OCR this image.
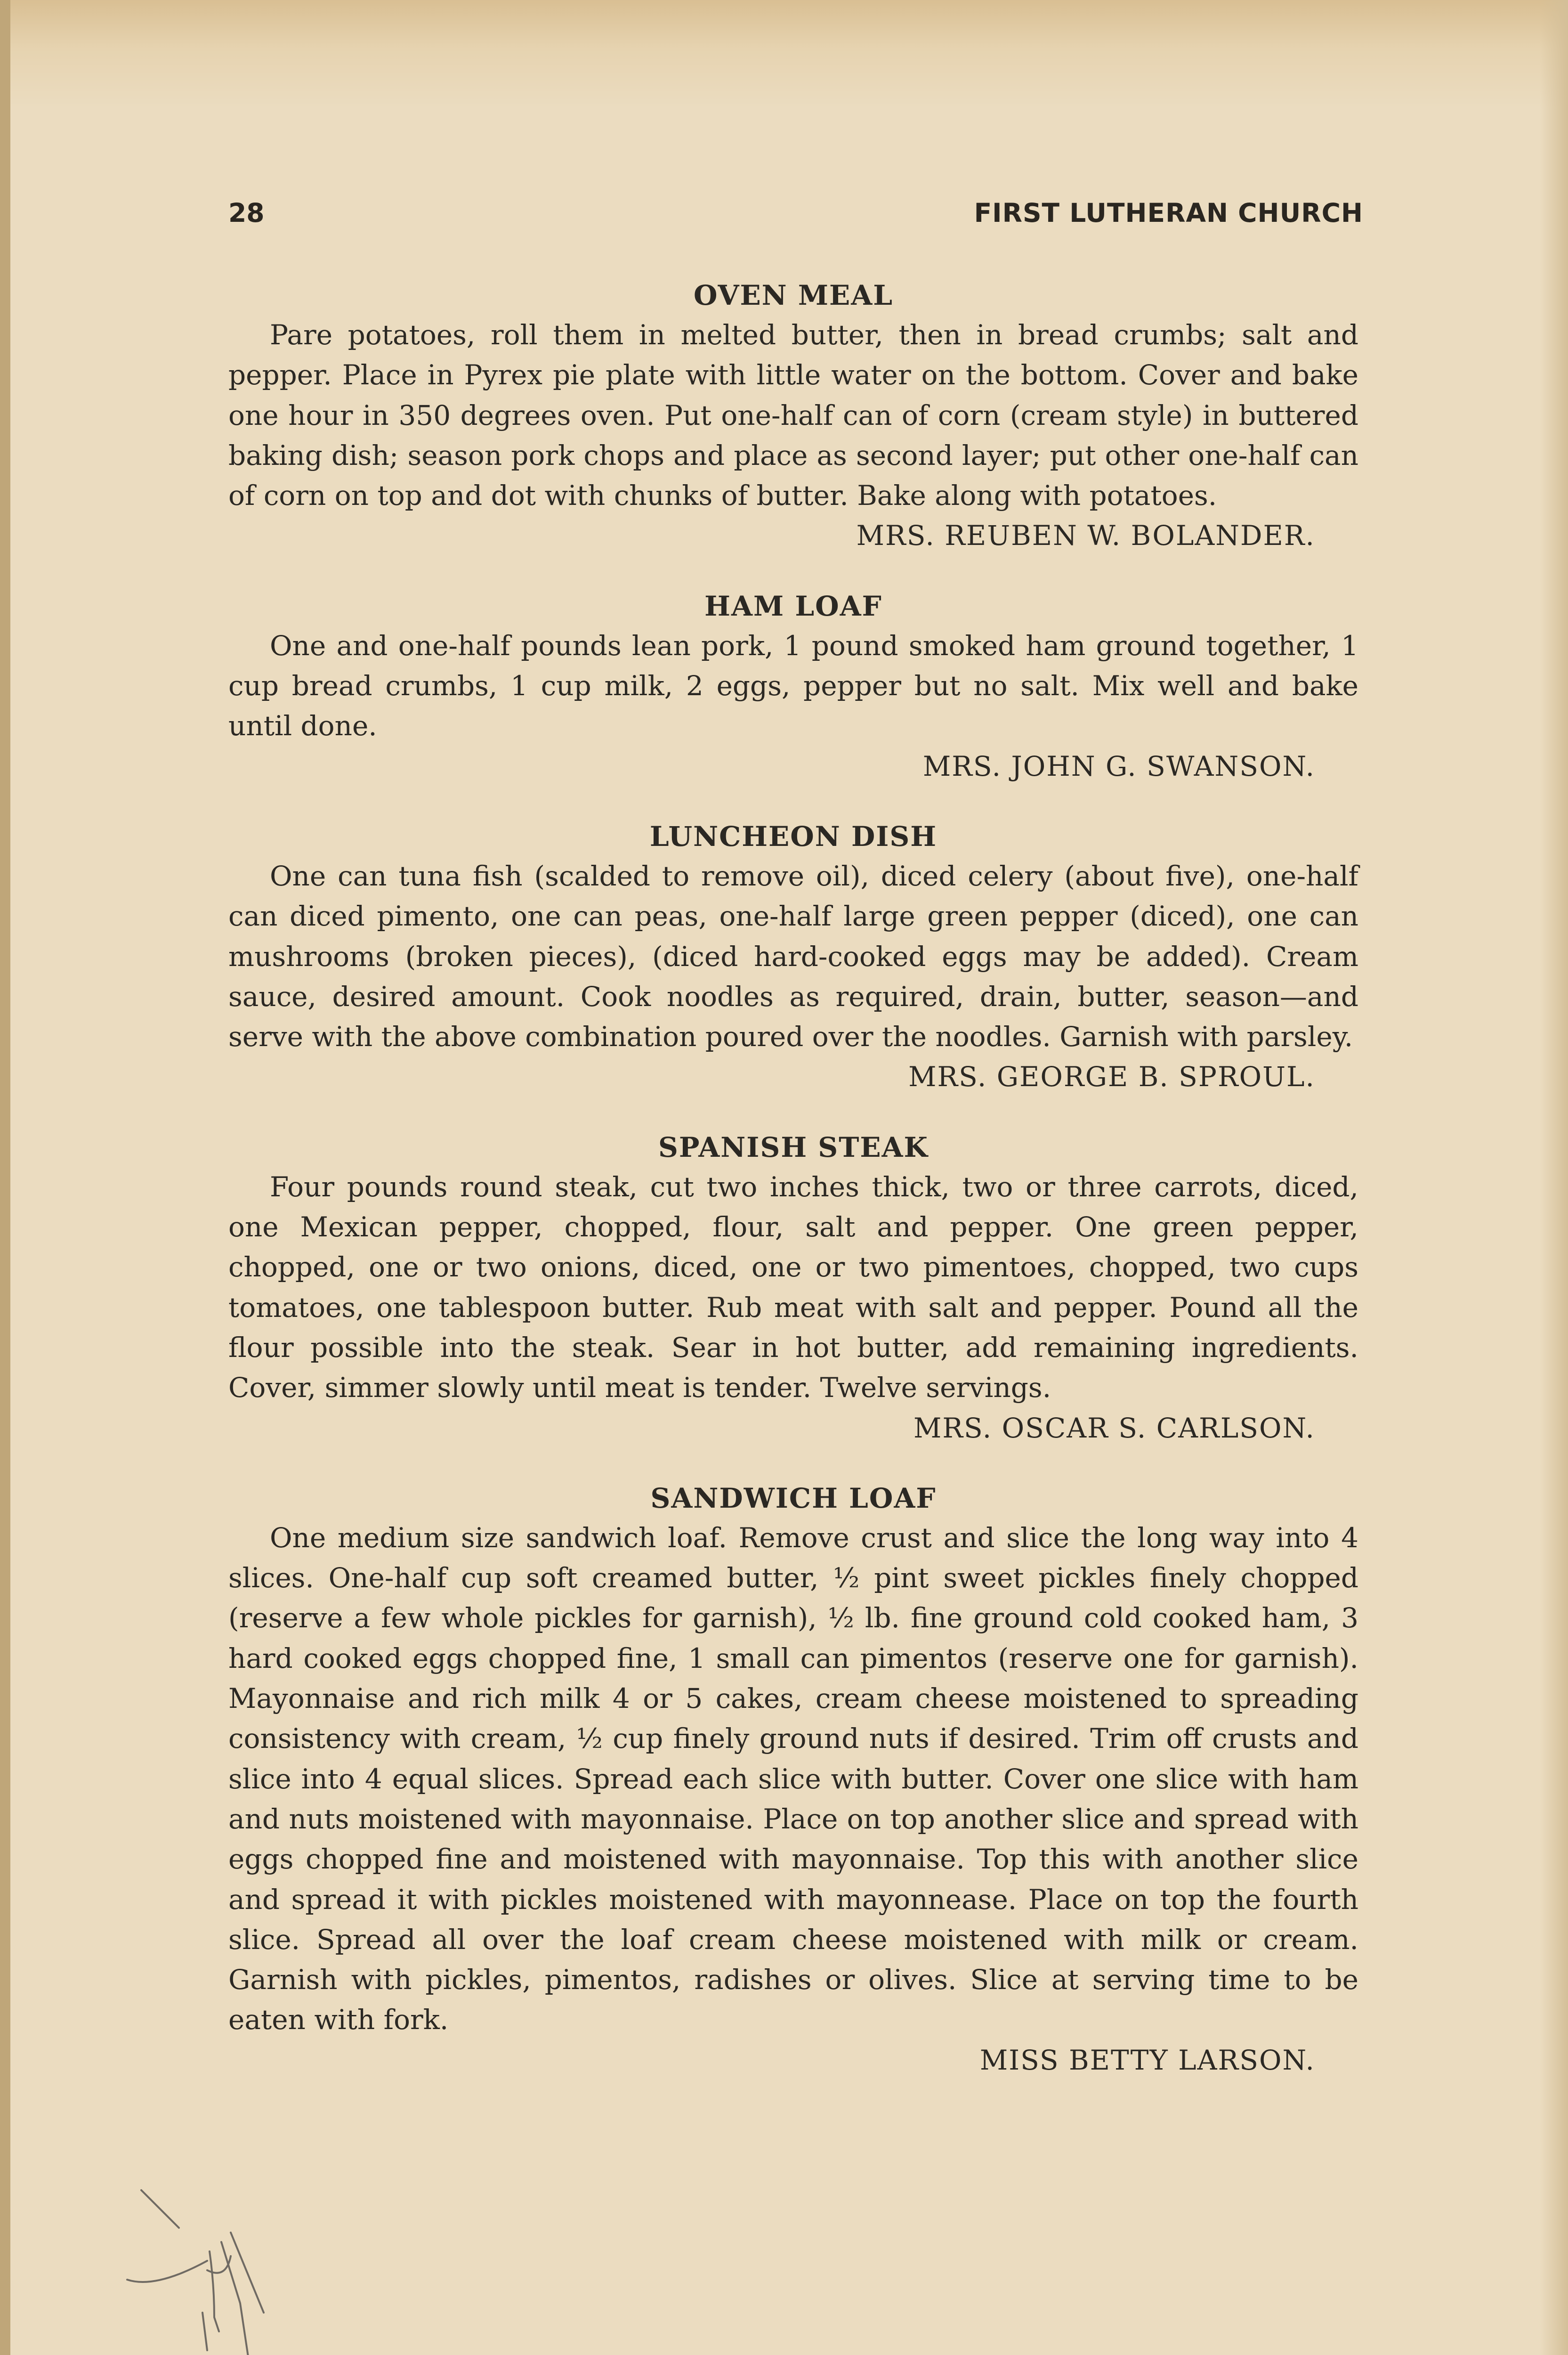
28	FIRST LUTHERAN CHURCH

OVEN MEAL

Pare potatoes, roll them in melted butter, then in bread crumbs; salt and pepper. Place in Pyrex pie plate with little water on the bottom. Cover and bake one hour in 350 degrees oven. Put one-half can of corn (cream style) in buttered baking dish; season pork chops and place as second layer; put other one-half can of corn on top and dot with chunks of butter. Bake along with potatoes.

MRS. REUBEN W. BOLANDER.

HAM LOAF

One and one-half pounds lean pork, 1 pound smoked ham ground together, 1 cup bread crumbs, 1 cup milk, 2 eggs, pepper but no salt. Mix well and bake until done.

MRS. JOHN G. SWANSON.

LUNCHEON DISH

One can tuna fish (scalded to remove oil), diced celery (about five), one-half can diced pimento, one can peas, one-half large green pepper (diced), one can mushrooms (broken pieces), (diced hard-cooked eggs may be added). Cream sauce, desired amount. Cook noodles as required, drain, butter, season—and serve with the above combination poured over the noodles. Garnish with parsley.

MRS. GEORGE B. SPROUL.

SPANISH STEAK

Four pounds round steak, cut two inches thick, two or three carrots, diced, one Mexican pepper, chopped, flour, salt and pepper. One green pepper, chopped, one or two onions, diced, one or two pimentoes, chopped, two cups tomatoes, one tablespoon butter. Rub meat with salt and pepper. Pound all the flour possible into the steak. Sear in hot butter, add remaining ingredients. Cover, simmer slowly until meat is tender. Twelve servings.

MRS. OSCAR S. CARLSON.

SANDWICH LOAF

One medium size sandwich loaf. Remove crust and slice the long way into 4 slices. One-half cup soft creamed butter, ½ pint sweet pickles finely chopped (reserve a few whole pickles for garnish), ½ lb. fine ground cold cooked ham, 3 hard cooked eggs chopped fine, 1 small can pimentos (reserve one for garnish). Mayonnaise and rich milk 4 or 5 cakes, cream cheese moistened to spreading consistency with cream, ½ cup finely ground nuts if desired. Trim off crusts and slice into 4 equal slices. Spread each slice with butter. Cover one slice with ham and nuts moistened with mayonnaise. Place on top another slice and spread with eggs chopped fine and moistened with mayonnaise. Top this with another slice and spread it with pickles moistened with mayonnease. Place on top the fourth slice. Spread all over the loaf cream cheese moistened with milk or cream. Garnish with pickles, pimentos, radishes or olives. Slice at serving time to be eaten with fork.

MISS BETTY LARSON.
